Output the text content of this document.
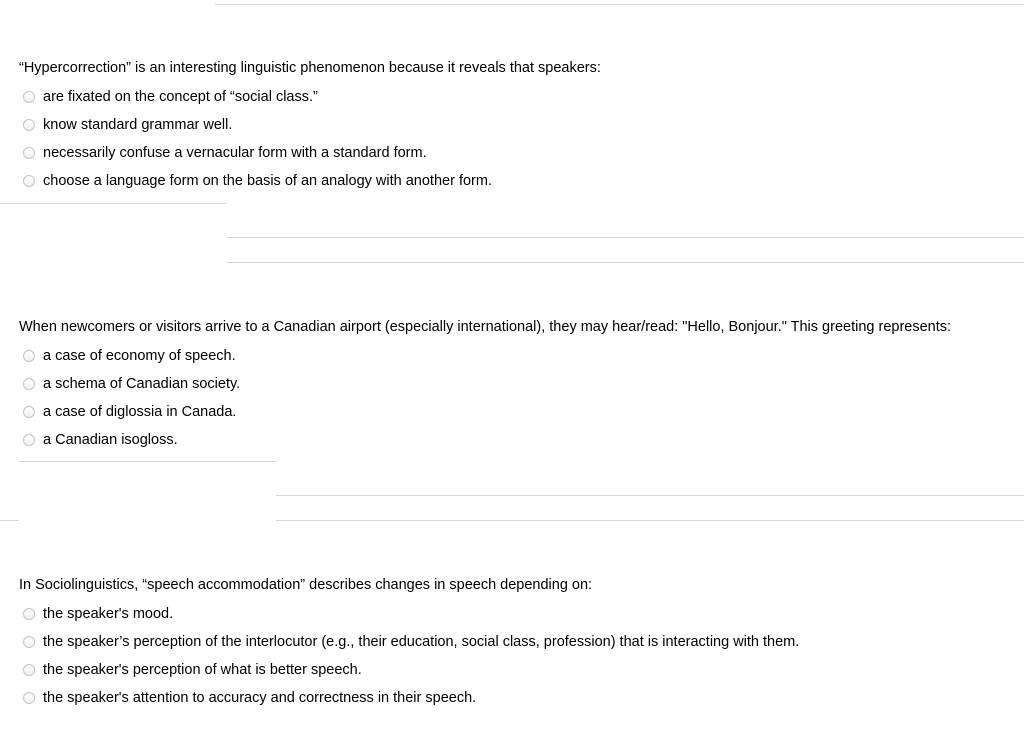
“Hypercorrection” is an interesting linguistic phenomenon because it reveals that speakers:

are fixated on the concept of “social class.”
know standard grammar well.
necessarily confuse a vernacular form with a standard form.
choose a language form on the basis of an analogy with another form.

When newcomers or visitors arrive to a Canadian airport (especially international), they may hear/read: "Hello, Bonjour." This greeting represents:

a case of economy of speech.
a schema of Canadian society.
a case of diglossia in Canada.
a Canadian isogloss.

In Sociolinguistics, “speech accommodation” describes changes in speech depending on:

the speaker's mood.
the speaker’s perception of the interlocutor (e.g., their education, social class, profession) that is interacting with them.
the speaker's perception of what is better speech.
the speaker's attention to accuracy and correctness in their speech.
